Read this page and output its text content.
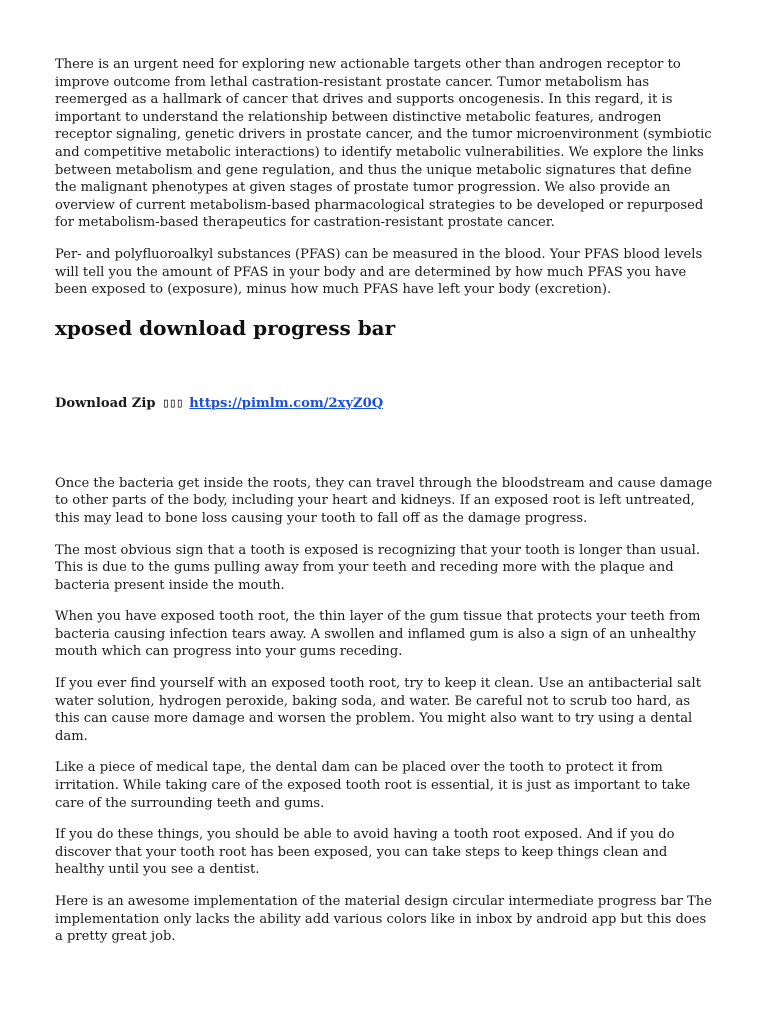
There is an urgent need for exploring new actionable targets other than androgen receptor to improve outcome from lethal castration-resistant prostate cancer. Tumor metabolism has reemerged as a hallmark of cancer that drives and supports oncogenesis. In this regard, it is important to understand the relationship between distinctive metabolic features, androgen receptor signaling, genetic drivers in prostate cancer, and the tumor microenvironment (symbiotic and competitive metabolic interactions) to identify metabolic vulnerabilities. We explore the links between metabolism and gene regulation, and thus the unique metabolic signatures that define the malignant phenotypes at given stages of prostate tumor progression. We also provide an overview of current metabolism-based pharmacological strategies to be developed or repurposed for metabolism-based therapeutics for castration-resistant prostate cancer.

Per- and polyfluoroalkyl substances (PFAS) can be measured in the blood. Your PFAS blood levels will tell you the amount of PFAS in your body and are determined by how much PFAS you have been exposed to (exposure), minus how much PFAS have left your body (excretion).

xposed download progress bar
Download Zip ▯▯▯ https://pimlm.com/2xyZ0Q

Once the bacteria get inside the roots, they can travel through the bloodstream and cause damage to other parts of the body, including your heart and kidneys. If an exposed root is left untreated, this may lead to bone loss causing your tooth to fall off as the damage progress.

The most obvious sign that a tooth is exposed is recognizing that your tooth is longer than usual. This is due to the gums pulling away from your teeth and receding more with the plaque and bacteria present inside the mouth.

When you have exposed tooth root, the thin layer of the gum tissue that protects your teeth from bacteria causing infection tears away. A swollen and inflamed gum is also a sign of an unhealthy mouth which can progress into your gums receding.

If you ever find yourself with an exposed tooth root, try to keep it clean. Use an antibacterial salt water solution, hydrogen peroxide, baking soda, and water. Be careful not to scrub too hard, as this can cause more damage and worsen the problem. You might also want to try using a dental dam.

Like a piece of medical tape, the dental dam can be placed over the tooth to protect it from irritation. While taking care of the exposed tooth root is essential, it is just as important to take care of the surrounding teeth and gums.

If you do these things, you should be able to avoid having a tooth root exposed. And if you do discover that your tooth root has been exposed, you can take steps to keep things clean and healthy until you see a dentist.

Here is an awesome implementation of the material design circular intermediate progress bar The implementation only lacks the ability add various colors like in inbox by android app but this does a pretty great job.
